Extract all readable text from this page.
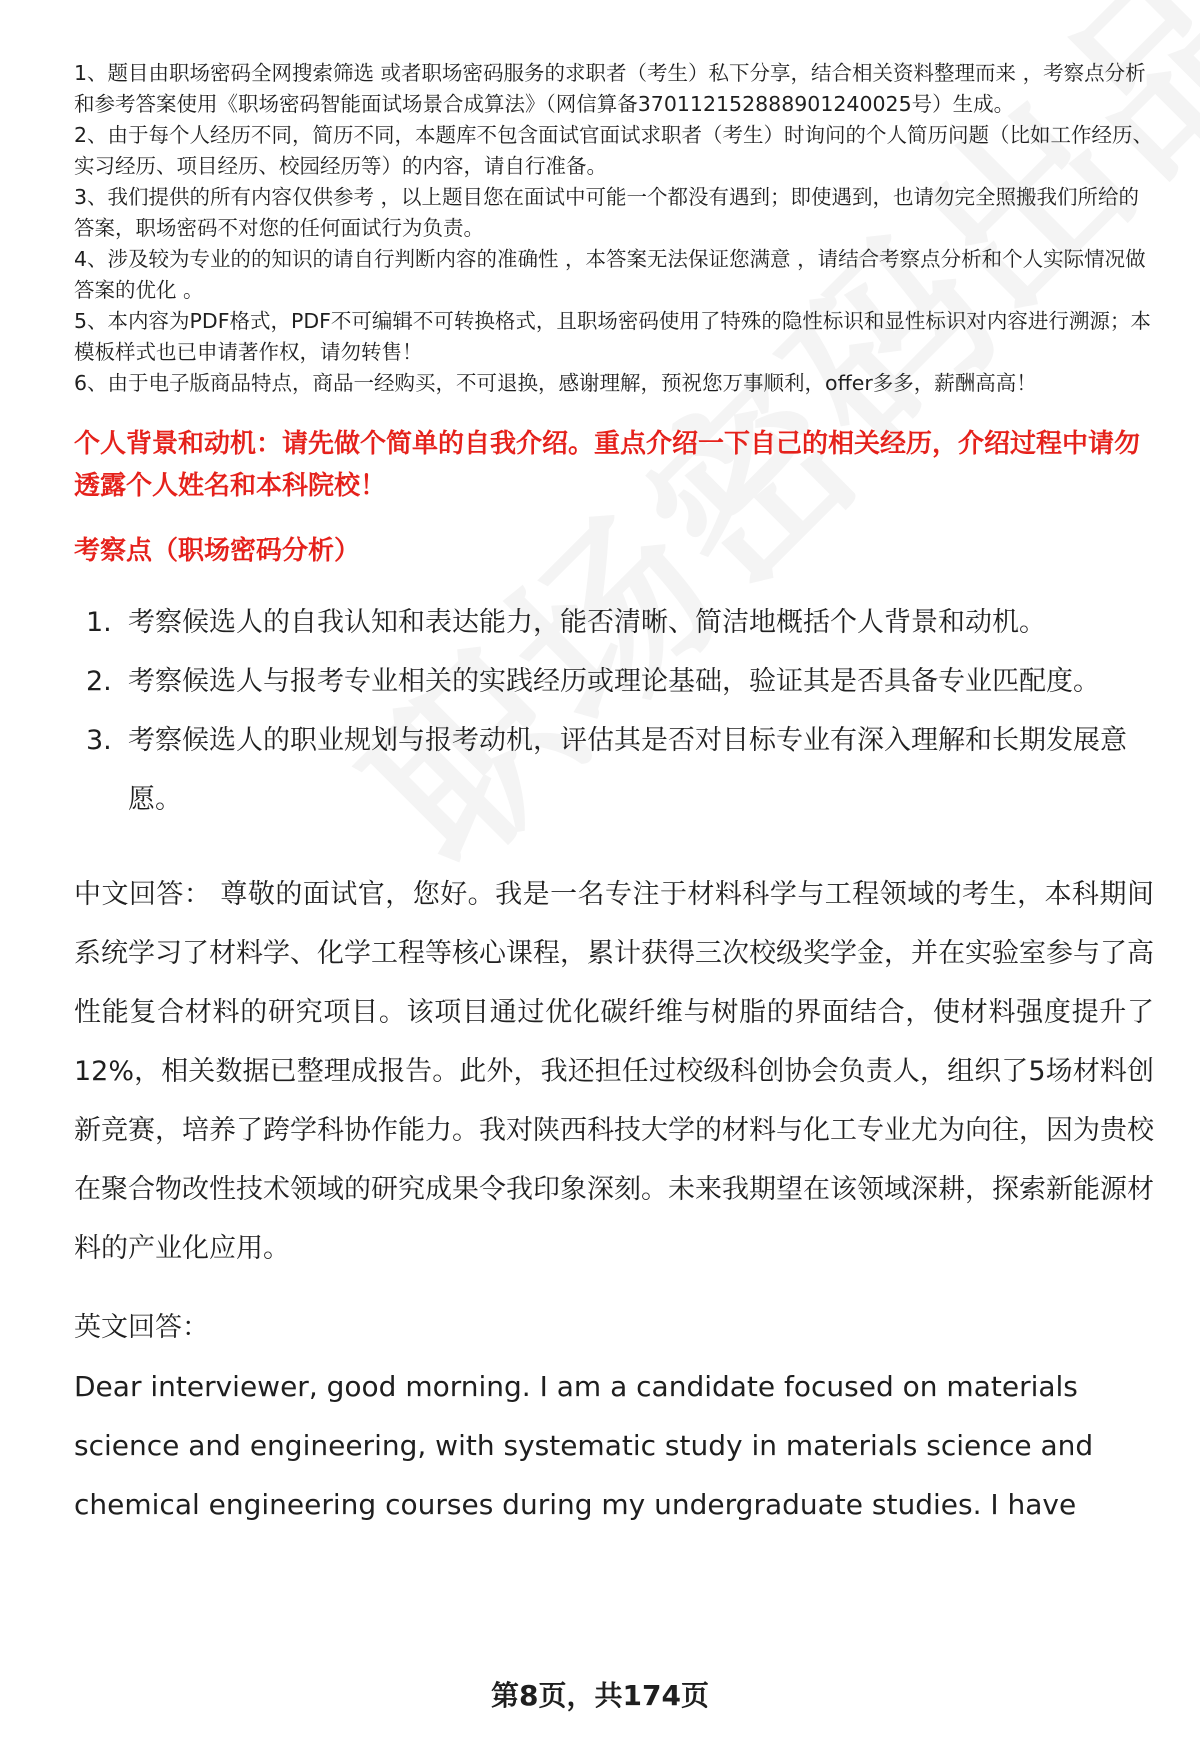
1、题目由职场密码全网搜索筛选 或者职场密码服务的求职者（考生）私下分享，结合相关资料整理而来 ，考察点分析和参考答案使用《职场密码智能面试场景合成算法》（网信算备370112152888901240025号）生成。

2、由于每个人经历不同，简历不同，本题库不包含面试官面试求职者（考生）时询问的个人简历问题（比如工作经历、实习经历、项目经历、校园经历等）的内容，请自行准备。

3、我们提供的所有内容仅供参考 ，以上题目您在面试中可能一个都没有遇到；即使遇到，也请勿完全照搬我们所给的答案，职场密码不对您的任何面试行为负责。

4、涉及较为专业的的知识的请自行判断内容的准确性 ，本答案无法保证您满意 ，请结合考察点分析和个人实际情况做答案的优化 。

5、本内容为PDF格式，PDF不可编辑不可转换格式，且职场密码使用了特殊的隐性标识和显性标识对内容进行溯源；本模板样式也已申请著作权，请勿转售！

6、由于电子版商品特点，商品一经购买，不可退换，感谢理解，预祝您万事顺利，offer多多，薪酬高高！

个人背景和动机：请先做个简单的自我介绍。重点介绍一下自己的相关经历，介绍过程中请勿透露个人姓名和本科院校！
考察点（职场密码分析）
1. 考察候选人的自我认知和表达能力，能否清晰、简洁地概括个人背景和动机。
2. 考察候选人与报考专业相关的实践经历或理论基础，验证其是否具备专业匹配度。
3. 考察候选人的职业规划与报考动机，评估其是否对目标专业有深入理解和长期发展意愿。
中文回答： 尊敬的面试官，您好。我是一名专注于材料科学与工程领域的考生，本科期间系统学习了材料学、化学工程等核心课程，累计获得三次校级奖学金，并在实验室参与了高性能复合材料的研究项目。该项目通过优化碳纤维与树脂的界面结合，使材料强度提升了12%，相关数据已整理成报告。此外，我还担任过校级科创协会负责人，组织了5场材料创新竞赛，培养了跨学科协作能力。我对陕西科技大学的材料与化工专业尤为向往，因为贵校在聚合物改性技术领域的研究成果令我印象深刻。未来我期望在该领域深耕，探索新能源材料的产业化应用。
英文回答：
Dear interviewer, good morning. I am a candidate focused on materials science and engineering, with systematic study in materials science and chemical engineering courses during my undergraduate studies. I have
第8页，共174页
